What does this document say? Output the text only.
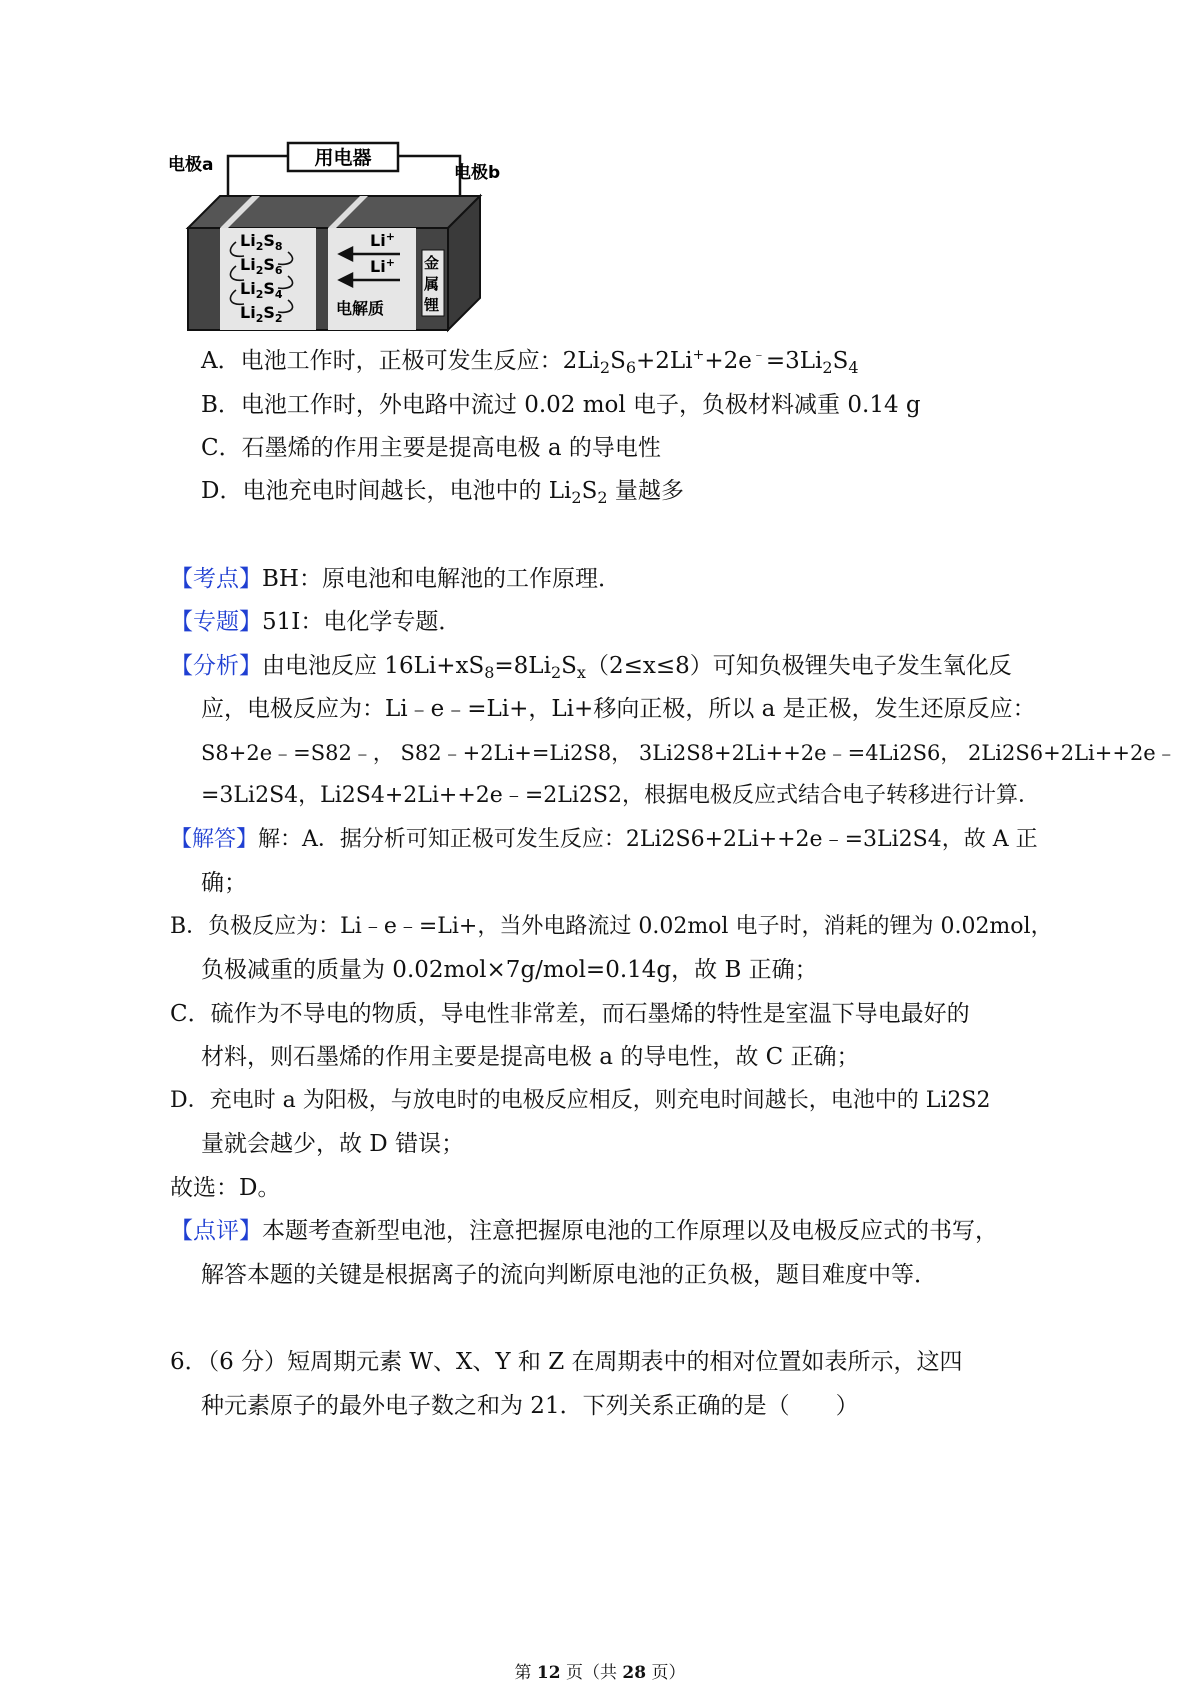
用电器
电极a	电极b
$Li_2S_8$
$Li_2S_6$
$Li_2S_4$
$Li_2S_2$
Li+
Li+
电解质
金
属
锂
A．电池工作时，正极可发生反应：$2Li_2S_6+2Li^++2e^﹣=3Li_2S_4$
B．电池工作时，外电路中流过 0.02 mol 电子，负极材料减重 0.14 g
C．石墨烯的作用主要是提高电极 a 的导电性
D．电池充电时间越长，电池中的 $Li_2S_2$ 量越多
【考点】BH：原电池和电解池的工作原理．
【专题】51I：电化学专题．
【分析】由电池反应 $16Li+xS_8=8Li_2S_x(2\le x\le 8)$可知负极锂失电子发生氧化反
应，电极反应为：Li﹣e﹣=Li+，Li+移向正极，所以 a 是正极，发生还原反应：
S8+2e﹣=S82﹣， S82﹣+2Li+=Li2S8， 3Li2S8+2Li++2e﹣=4Li2S6， 2Li2S6+2Li++2e﹣
=3Li2S4，Li2S4+2Li++2e﹣=2Li2S2，根据电极反应式结合电子转移进行计算．
【解答】解：A．据分析可知正极可发生反应：2Li2S6+2Li++2e﹣=3Li2S4，故 A 正
确；
B．负极反应为：Li﹣e﹣=Li+，当外电路流过 0.02mol 电子时，消耗的锂为 0.02mol，
负极减重的质量为 0.02mol×7g/mol=0.14g，故 B 正确；
C．硫作为不导电的物质，导电性非常差，而石墨烯的特性是室温下导电最好的
材料，则石墨烯的作用主要是提高电极 a 的导电性，故 C 正确；
D．充电时 a 为阳极，与放电时的电极反应相反，则充电时间越长，电池中的 Li2S2
量就会越少，故 D 错误；
故选：D。
【点评】本题考查新型电池，注意把握原电池的工作原理以及电极反应式的书写，
解答本题的关键是根据离子的流向判断原电池的正负极，题目难度中等．
6．（6 分）短周期元素 W、X、Y 和 Z 在周期表中的相对位置如表所示，这四
种元素原子的最外电子数之和为 21．下列关系正确的是（　　）
第 12 页（共 28 页）
